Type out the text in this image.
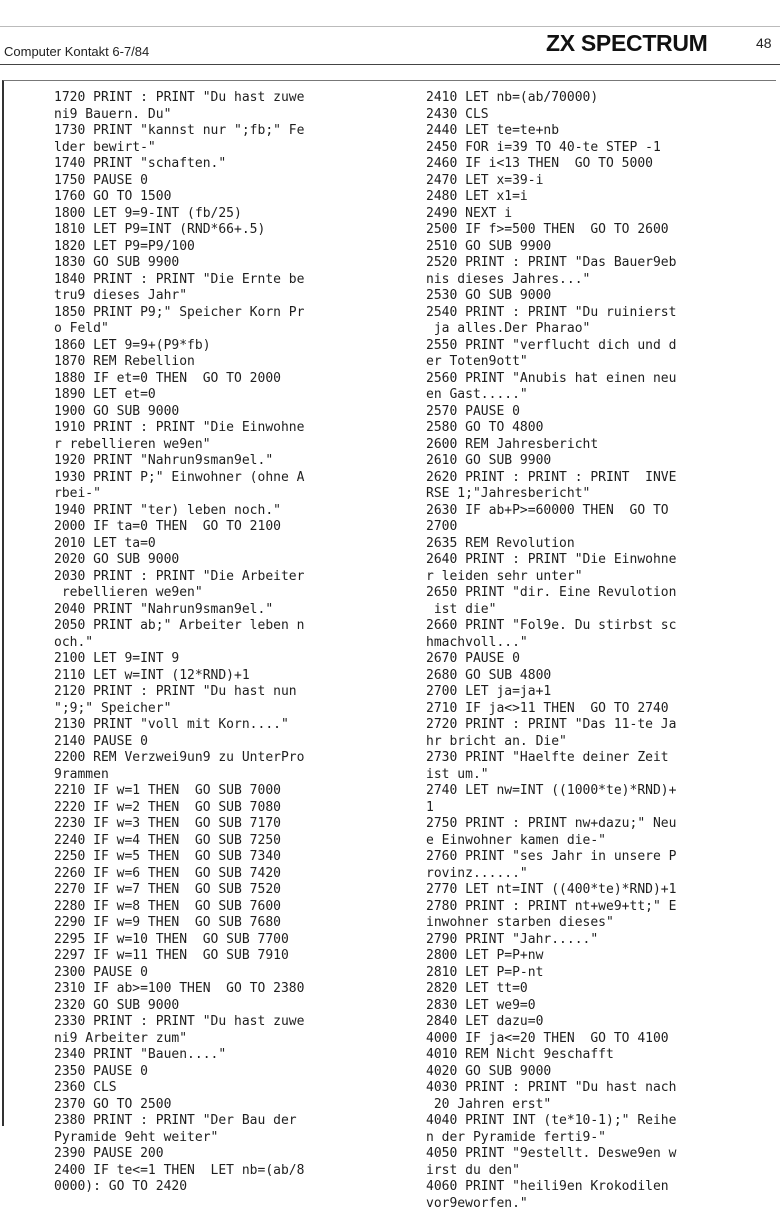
Computer Kontakt 6-7/84	ZX SPECTRUM	48
1720 PRINT : PRINT "Du hast zuwe
ni9 Bauern. Du"
1730 PRINT "kannst nur ";fb;" Fe
lder bewirt-"
1740 PRINT "schaften."
1750 PAUSE 0
1760 GO TO 1500
1800 LET 9=9-INT (fb/25)
1810 LET P9=INT (RND*66+.5)
1820 LET P9=P9/100
1830 GO SUB 9900
1840 PRINT : PRINT "Die Ernte be
tru9 dieses Jahr"
1850 PRINT P9;" Speicher Korn Pr
o Feld"
1860 LET 9=9+(P9*fb)
1870 REM Rebellion
1880 IF et=0 THEN  GO TO 2000
1890 LET et=0
1900 GO SUB 9000
1910 PRINT : PRINT "Die Einwohne
r rebellieren we9en"
1920 PRINT "Nahrun9sman9el."
1930 PRINT P;" Einwohner (ohne A
rbei-"
1940 PRINT "ter) leben noch."
2000 IF ta=0 THEN  GO TO 2100
2010 LET ta=0
2020 GO SUB 9000
2030 PRINT : PRINT "Die Arbeiter
rebellieren we9en"
2040 PRINT "Nahrun9sman9el."
2050 PRINT ab;" Arbeiter leben n
och."
2100 LET 9=INT 9
2110 LET w=INT (12*RND)+1
2120 PRINT : PRINT "Du hast nun
";9;" Speicher"
2130 PRINT "voll mit Korn...."
2140 PAUSE 0
2200 REM Verzwei9un9 zu UnterPro
9rammen
2210 IF w=1 THEN  GO SUB 7000
2220 IF w=2 THEN  GO SUB 7080
2230 IF w=3 THEN  GO SUB 7170
2240 IF w=4 THEN  GO SUB 7250
2250 IF w=5 THEN  GO SUB 7340
2260 IF w=6 THEN  GO SUB 7420
2270 IF w=7 THEN  GO SUB 7520
2280 IF w=8 THEN  GO SUB 7600
2290 IF w=9 THEN  GO SUB 7680
2295 IF w=10 THEN  GO SUB 7700
2297 IF w=11 THEN  GO SUB 7910
2300 PAUSE 0
2310 IF ab>=100 THEN  GO TO 2380
2320 GO SUB 9000
2330 PRINT : PRINT "Du hast zuwe
ni9 Arbeiter zum"
2340 PRINT "Bauen...."
2350 PAUSE 0
2360 CLS
2370 GO TO 2500
2380 PRINT : PRINT "Der Bau der
Pyramide 9eht weiter"
2390 PAUSE 200
2400 IF te<=1 THEN  LET nb=(ab/8
0000): GO TO 2420
2410 LET nb=(ab/70000)
2430 CLS
2440 LET te=te+nb
2450 FOR i=39 TO 40-te STEP -1
2460 IF i<13 THEN  GO TO 5000
2470 LET x=39-i
2480 LET x1=i
2490 NEXT i
2500 IF f>=500 THEN  GO TO 2600
2510 GO SUB 9900
2520 PRINT : PRINT "Das Bauer9eb
nis dieses Jahres..."
2530 GO SUB 9000
2540 PRINT : PRINT "Du ruinierst
ja alles.Der Pharao"
2550 PRINT "verflucht dich und d
er Toten9ott"
2560 PRINT "Anubis hat einen neu
en Gast....."
2570 PAUSE 0
2580 GO TO 4800
2600 REM Jahresbericht
2610 GO SUB 9900
2620 PRINT : PRINT : PRINT  INVE
RSE 1;"Jahresbericht"
2630 IF ab+P>=60000 THEN  GO TO
2700
2635 REM Revolution
2640 PRINT : PRINT "Die Einwohne
r leiden sehr unter"
2650 PRINT "dir. Eine Revulotion
ist die"
2660 PRINT "Fol9e. Du stirbst sc
hmachvoll..."
2670 PAUSE 0
2680 GO SUB 4800
2700 LET ja=ja+1
2710 IF ja<>11 THEN  GO TO 2740
2720 PRINT : PRINT "Das 11-te Ja
hr bricht an. Die"
2730 PRINT "Haelfte deiner Zeit
ist um."
2740 LET nw=INT ((1000*te)*RND)+
1
2750 PRINT : PRINT nw+dazu;" Neu
e Einwohner kamen die-"
2760 PRINT "ses Jahr in unsere P
rovinz......"
2770 LET nt=INT ((400*te)*RND)+1
2780 PRINT : PRINT nt+we9+tt;" E
inwohner starben dieses"
2790 PRINT "Jahr....."
2800 LET P=P+nw
2810 LET P=P-nt
2820 LET tt=0
2830 LET we9=0
2840 LET dazu=0
4000 IF ja<=20 THEN  GO TO 4100
4010 REM Nicht 9eschafft
4020 GO SUB 9000
4030 PRINT : PRINT "Du hast nach
20 Jahren erst"
4040 PRINT INT (te*10-1);" Reihe
n der Pyramide ferti9-"
4050 PRINT "9estellt. Deswe9en w
irst du den"
4060 PRINT "heili9en Krokodilen
vor9eworfen."
